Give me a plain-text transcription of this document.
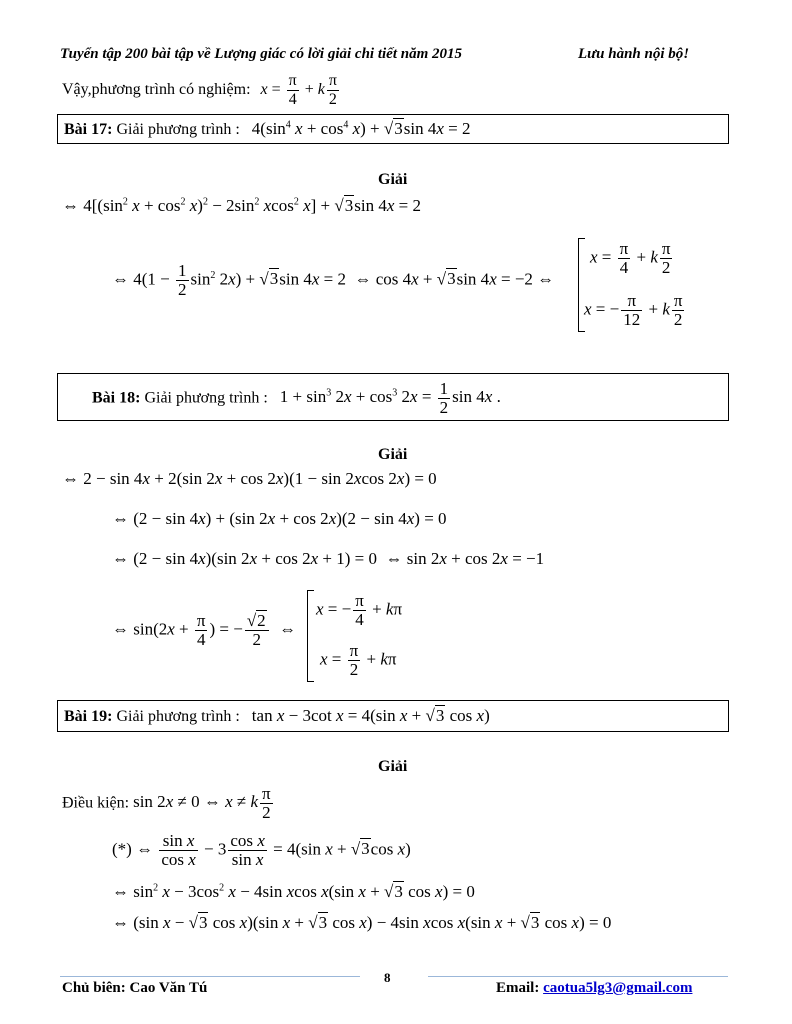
Tuyển tập 200 bài tập về Lượng giác có lời giải chi tiết năm 2015	Lưu hành nội bộ!
Vậy,phương trình có nghiệm: $x = \frac{\pi}{4} + k \frac{\pi}{2}$
Bài 17: Giải phương trình : $4(\sin^4$ $x + \cos^4 x) + √3\sin$ 4x = 2
Giải
⇔ $4[(\sin^2$ $x + \cos^2 x)^2 - 2\sin^2$ xcos$^2$ x] + √3sin 4x = 2
⇔ $4(1 - \frac{1}{2} \sin^2 2x) + √3\sin$ 4x = 2  ⇔ cos 4x + √3sin 4x = −2 ⇔
$x = \frac{\pi}{4} + k \frac{\pi}{2}$
x = − $\frac{\pi}{12} + k \frac{\pi}{2}$
Bài 18: Giải phương trình : $1 + \sin^3 2x + \cos^3 2x = \frac{1}{2}$ sin 4x .
Giải
⇔ 2 − sin 4x + 2(sin 2x + cos 2x)(1 − sin 2xcos 2x) = 0
⇔ (2 − sin 4x) + (sin 2x + cos 2x)(2 − sin 4x) = 0
⇔ (2 − sin 4x)(sin 2x + cos 2x + 1) = 0  ⇔ sin 2x + cos 2x = −1
⇔ $\sin(2x + \frac{\pi}{4}$ ) = − $\frac{√2}{2}$ ⇔
x = − $\frac{\pi}{4} + k\pi$
$x = \frac{\pi}{2} + k\pi$
Bài 19: Giải phương trình : tan x − 3cot x = 4(sin x + √3 cos x)
Giải
Điều kiện: sin 2x ≠ 0 ⇔ x ≠ k $\frac{\pi}{2}$
(*) ⇔ $\frac{\text{sin x}}{\text{cos x}} - 3 \frac{\text{cos x}}{\text{sin x}} = 4(\sin$ x + √3cos x)
⇔ $\sin^2 x - 3\cos^2$ x − 4sin xcos x(sin x + √3 cos x) = 0
⇔ (sin x − √3 cos x)(sin x + √3 cos x) − 4sin xcos x(sin x + √3 cos x) = 0
8
Chủ biên: Cao Văn Tú	Email: caotua5lg3@gmail.com
